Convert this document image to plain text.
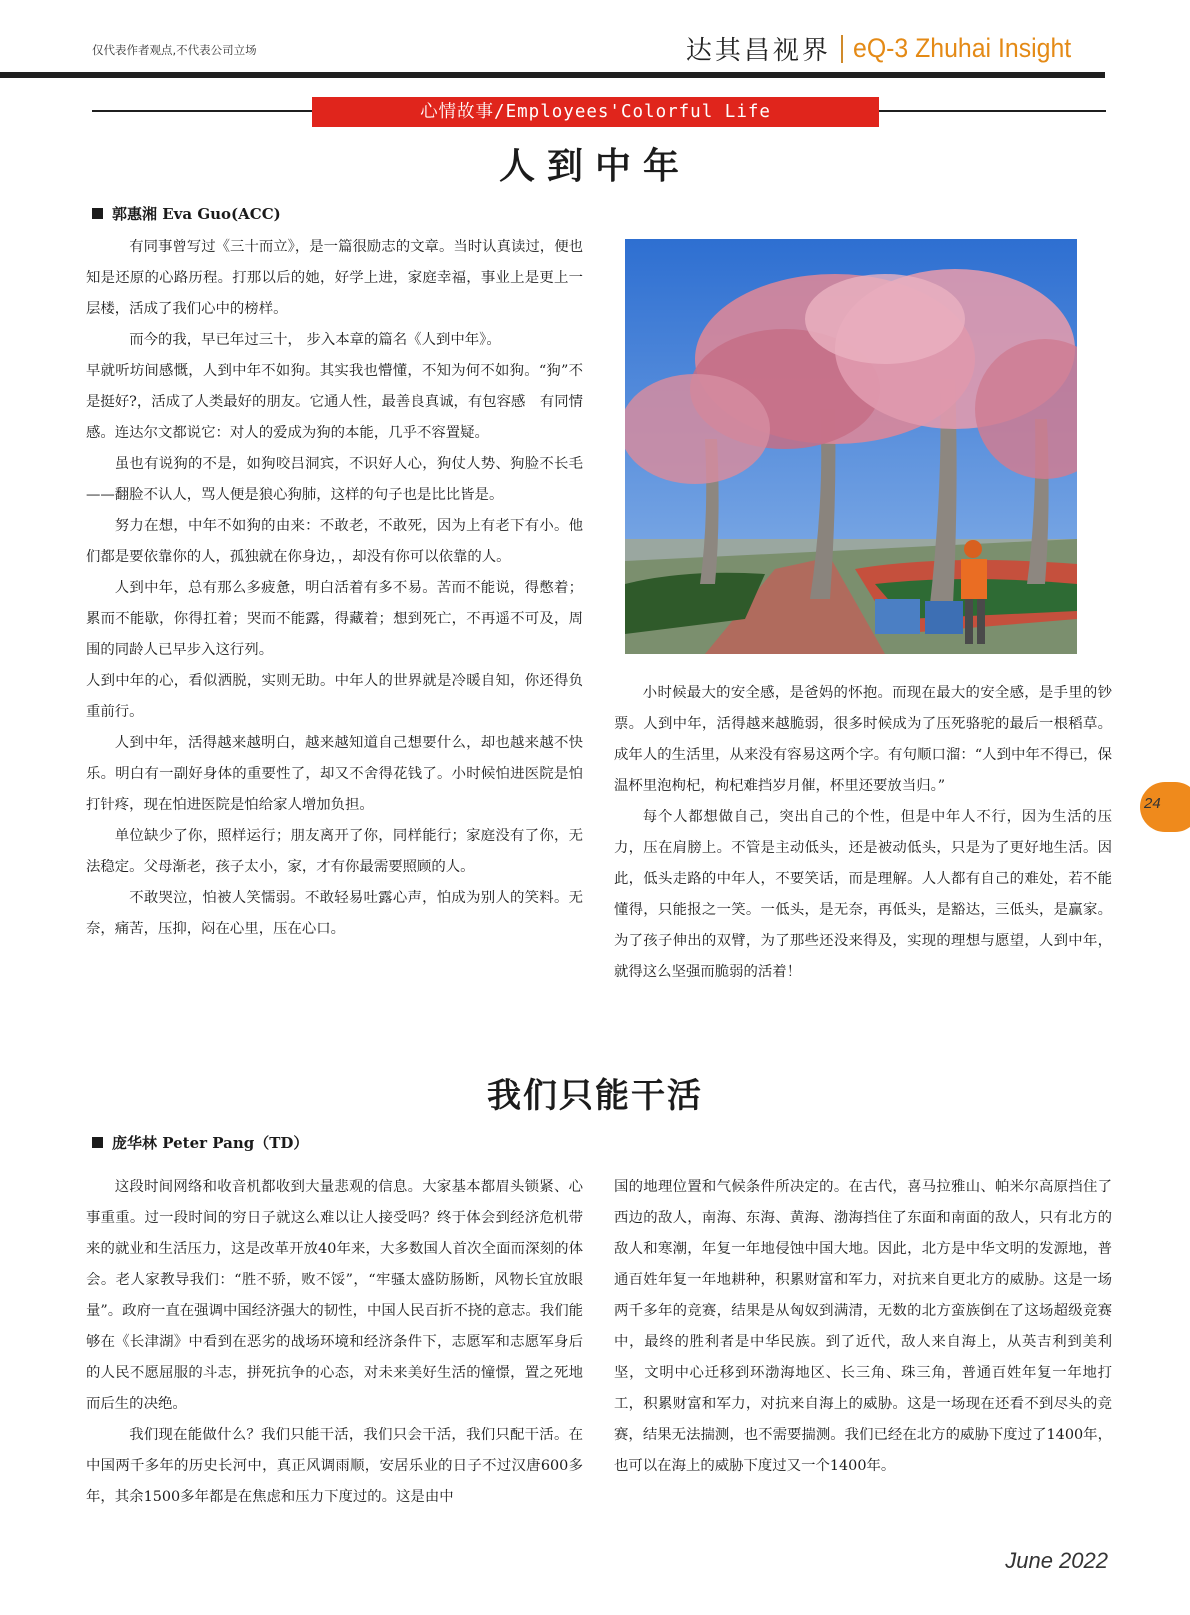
仅代表作者观点,不代表公司立场	达其昌视界 eQ-3 Zhuhai Insight
心情故事/Employees'Colorful Life
人到中年
郭惠湘 Eva Guo(ACC)

有同事曾写过《三十而立》，是一篇很励志的文章。当时认真读过，便也知是还原的心路历程。打那以后的她，好学上进，家庭幸福，事业上是更上一层楼，活成了我们心中的榜样。

而今的我，早已年过三十， 步入本章的篇名《人到中年》。

早就听坊间感慨，人到中年不如狗。其实我也懵懂，不知为何不如狗。“狗”不是挺好?，活成了人类最好的朋友。它通人性，最善良真诚，有包容感　有同情感。连达尔文都说它：对人的爱成为狗的本能，几乎不容置疑。

虽也有说狗的不是，如狗咬吕洞宾，不识好人心，狗仗人势、狗脸不长毛——翻脸不认人，骂人便是狼心狗肺，这样的句子也是比比皆是。

努力在想，中年不如狗的由来：不敢老，不敢死，因为上有老下有小。他们都是要依靠你的人，孤独就在你身边，，却没有你可以依靠的人。

人到中年，总有那么多疲惫，明白活着有多不易。苦而不能说，得憋着；累而不能歇，你得扛着；哭而不能露，得藏着；想到死亡，不再遥不可及，周围的同龄人已早步入这行列。

人到中年的心，看似洒脱，实则无助。中年人的世界就是冷暖自知，你还得负重前行。

人到中年，活得越来越明白，越来越知道自己想要什么，却也越来越不快乐。明白有一副好身体的重要性了，却又不舍得花钱了。小时候怕进医院是怕打针疼，现在怕进医院是怕给家人增加负担。

单位缺少了你，照样运行；朋友离开了你，同样能行；家庭没有了你，无法稳定。父母渐老，孩子太小，家，才有你最需要照顾的人。

不敢哭泣，怕被人笑懦弱。不敢轻易吐露心声，怕成为别人的笑料。无奈，痛苦，压抑，闷在心里，压在心口。

小时候最大的安全感，是爸妈的怀抱。而现在最大的安全感，是手里的钞票。人到中年，活得越来越脆弱，很多时候成为了压死骆驼的最后一根稻草。成年人的生活里，从来没有容易这两个字。有句顺口溜：“人到中年不得已，保温杯里泡枸杞，枸杞难挡岁月催，杯里还要放当归。”

每个人都想做自己，突出自己的个性，但是中年人不行，因为生活的压力，压在肩膀上。不管是主动低头，还是被动低头，只是为了更好地生活。因此，低头走路的中年人，不要笑话，而是理解。人人都有自己的难处，若不能懂得，只能报之一笑。一低头，是无奈，再低头，是豁达，三低头，是赢家。为了孩子伸出的双臂，为了那些还没来得及，实现的理想与愿望，人到中年，就得这么坚强而脆弱的活着！

我们只能干活
庞华林 Peter Pang（TD）

这段时间网络和收音机都收到大量悲观的信息。大家基本都眉头锁紧、心事重重。过一段时间的穷日子就这么难以让人接受吗？终于体会到经济危机带来的就业和生活压力，这是改革开放40年来，大多数国人首次全面而深刻的体会。老人家教导我们：“胜不骄，败不馁”，“牢骚太盛防肠断，风物长宜放眼量”。政府一直在强调中国经济强大的韧性，中国人民百折不挠的意志。我们能够在《长津湖》中看到在恶劣的战场环境和经济条件下，志愿军和志愿军身后的人民不愿屈服的斗志，拼死抗争的心态，对未来美好生活的憧憬，置之死地而后生的决绝。

我们现在能做什么？我们只能干活，我们只会干活，我们只配干活。在中国两千多年的历史长河中，真正风调雨顺，安居乐业的日子不过汉唐600多年，其余1500多年都是在焦虑和压力下度过的。这是由中

国的地理位置和气候条件所决定的。在古代，喜马拉雅山、帕米尔高原挡住了西边的敌人，南海、东海、黄海、渤海挡住了东面和南面的敌人，只有北方的敌人和寒潮，年复一年地侵蚀中国大地。因此，北方是中华文明的发源地，普通百姓年复一年地耕种，积累财富和军力，对抗来自更北方的威胁。这是一场两千多年的竞赛，结果是从匈奴到满清，无数的北方蛮族倒在了这场超级竞赛中，最终的胜利者是中华民族。到了近代，敌人来自海上，从英吉利到美利坚，文明中心迁移到环渤海地区、长三角、珠三角，普通百姓年复一年地打工，积累财富和军力，对抗来自海上的威胁。这是一场现在还看不到尽头的竞赛，结果无法揣测，也不需要揣测。我们已经在北方的威胁下度过了1400年，也可以在海上的威胁下度过又一个1400年。

24
June 2022
